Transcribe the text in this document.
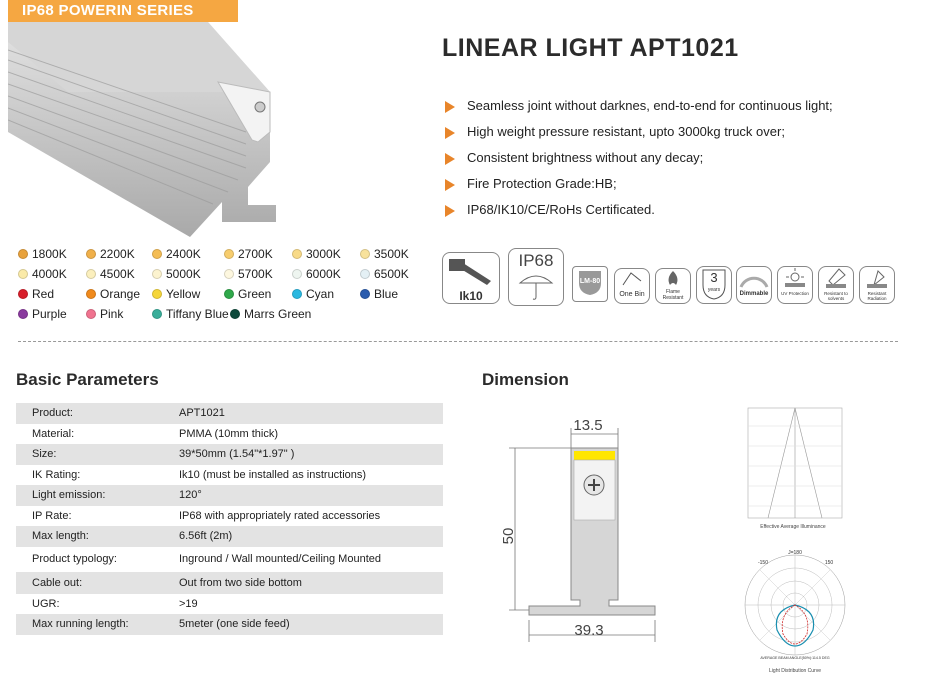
IP68 POWERIN SERIES
LINEAR LIGHT APT1021
Seamless joint without darknes, end-to-end for continuous light;
High weight pressure resistant, upto 3000kg truck over;
Consistent brightness without any decay;
Fire Protection Grade:HB;
IP68/IK10/CE/RoHs Certificated.
1800K	2200K	2400K	2700K	3000K	3500K
4000K	4500K	5000K	5700K	6000K	6500K
Red	Orange	Yellow	Green	Cyan	Blue
Purple	Pink	Tiffany Blue	Marrs Green
Ik10
IP68
LM-80
One Bin	Flame Resistant
3
years
Dimmable	UV Protection	Resistant to solvents
Resistant Radiation
Basic Parameters	Dimension
Product:	APT1021
Material:	PMMA (10mm thick)
Size:	39*50mm (1.54"*1.97" )
IK Rating:	Ik10 (must be installed as instructions)
Light emission:	120°
IP Rate:	IP68 with appropriately rated accessories
Max length:	6.56ft (2m)
Product typology:	Inground / Wall mounted/Ceiling Mounted
Cable out:	Out from two side bottom
UGR:	>19
Max running length:	5meter (one side feed)
13.5
50
39.3
Effective Average Illuminance
J=180
-150	150
AVERAGE BEAM ANGLE(50%):114.5 DEG
Light Distribution Curve
